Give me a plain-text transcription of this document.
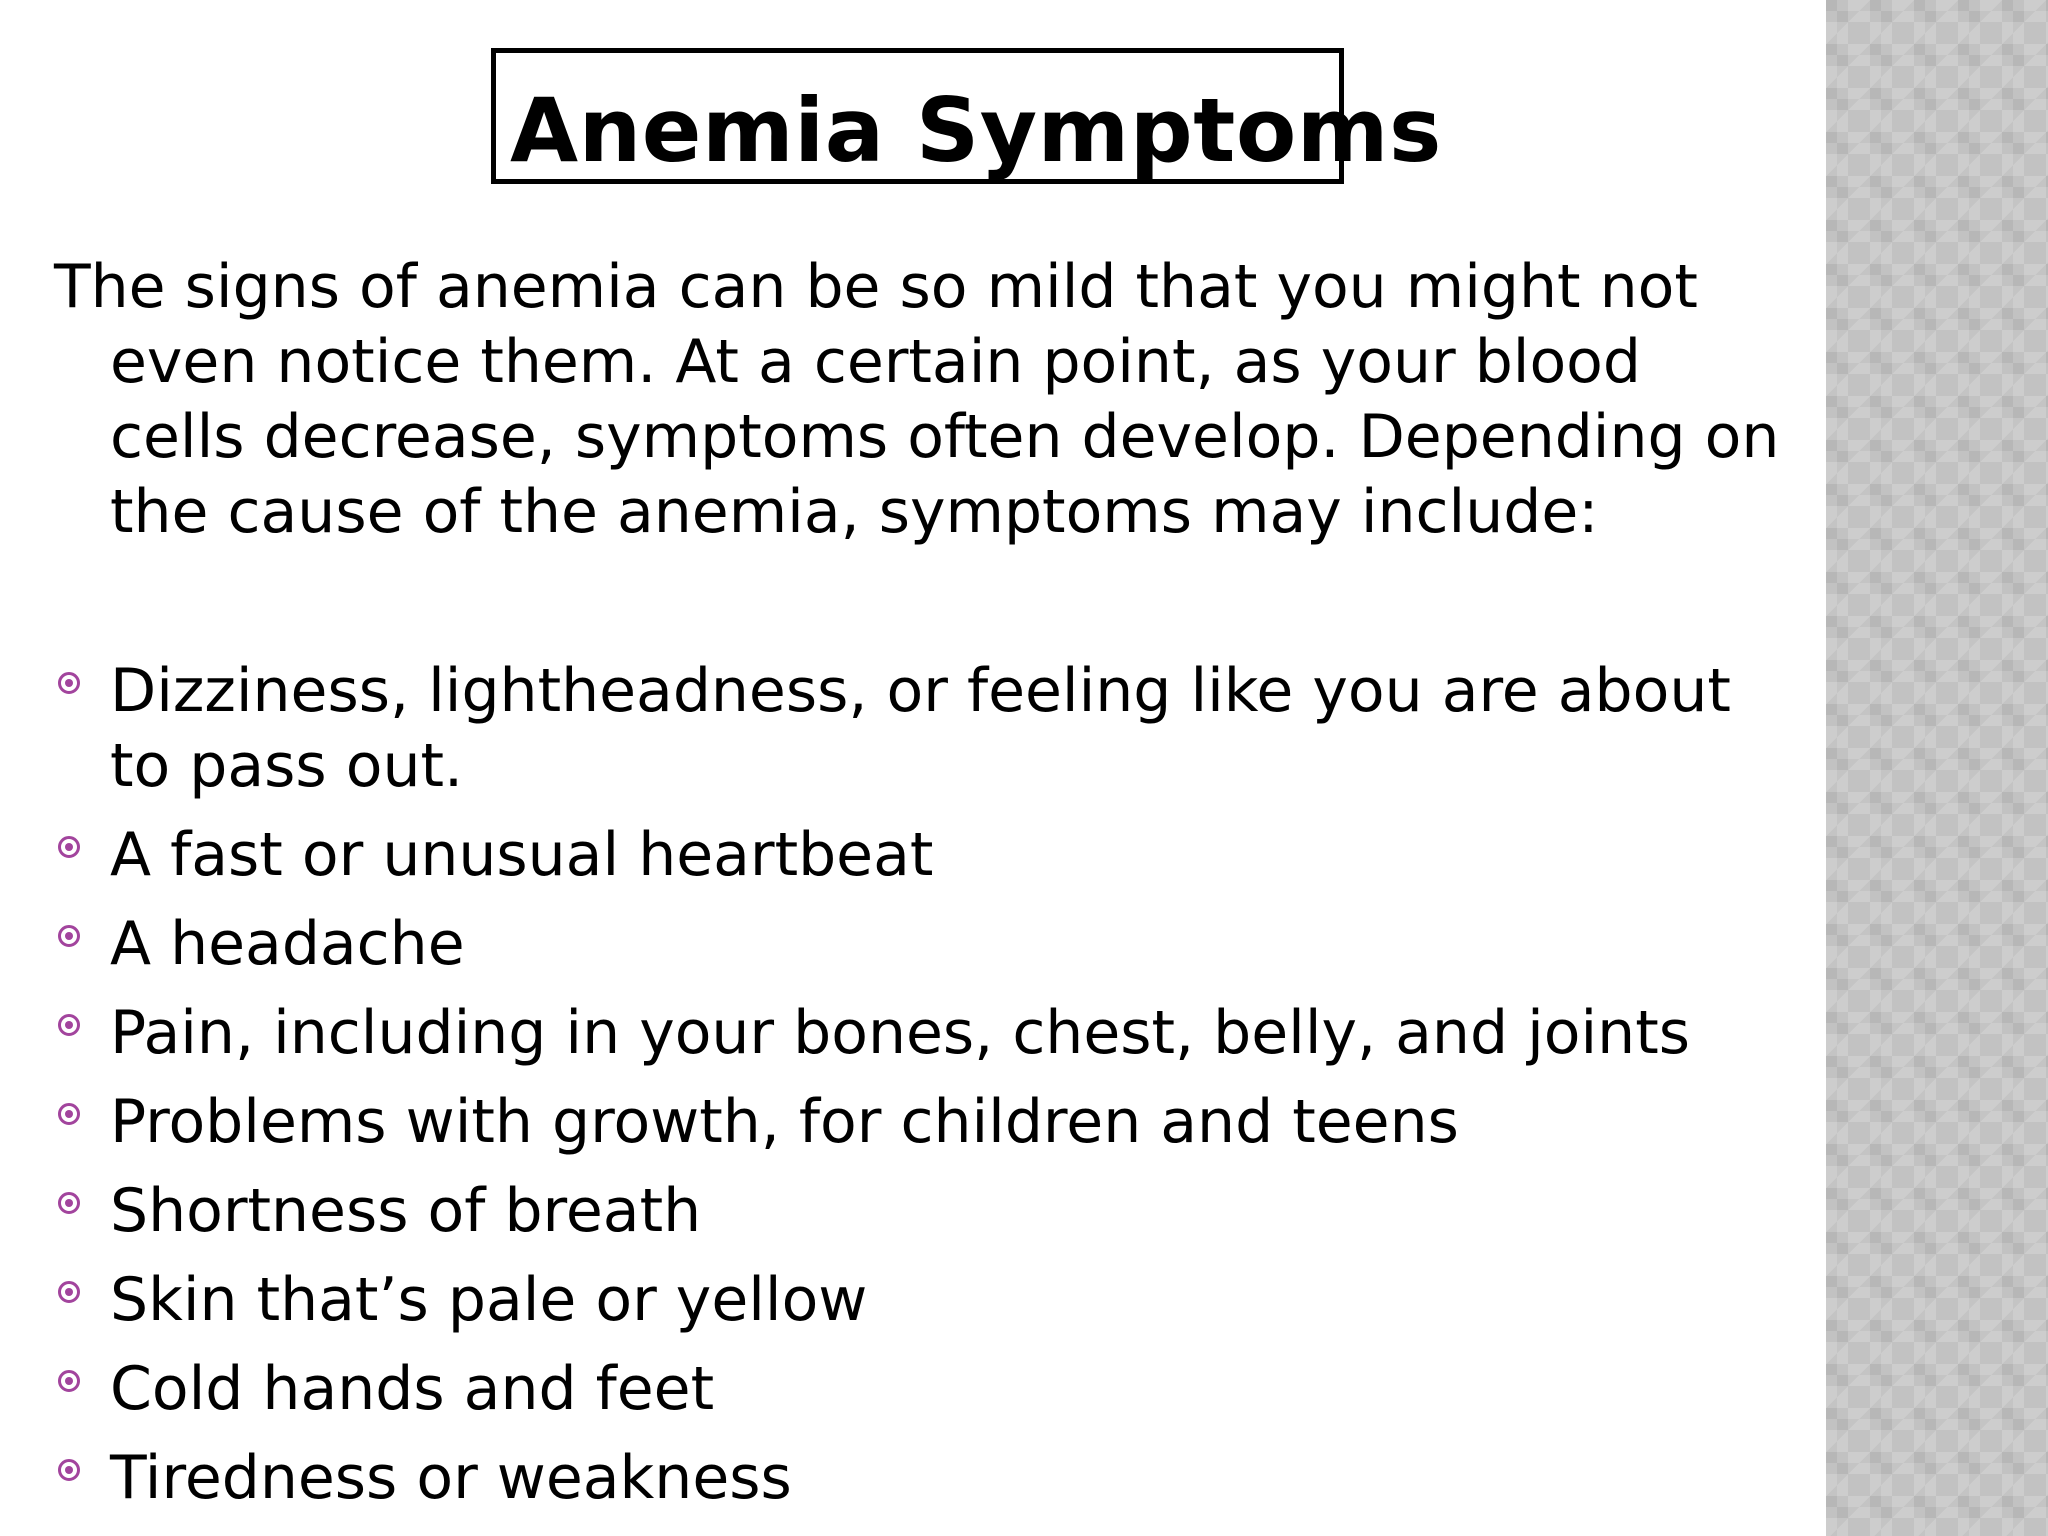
Anemia Symptoms

The signs of anemia can be so mild that you might not even notice them. At a certain point, as your blood cells decrease, symptoms often develop. Depending on the cause of the anemia, symptoms may include:

Dizziness, lightheadness, or feeling like you are about to pass out.
A fast or unusual heartbeat
A headache
Pain, including in your bones, chest, belly, and joints
Problems with growth, for children and teens
Shortness of breath
Skin that’s pale or yellow
Cold hands and feet
Tiredness or weakness
